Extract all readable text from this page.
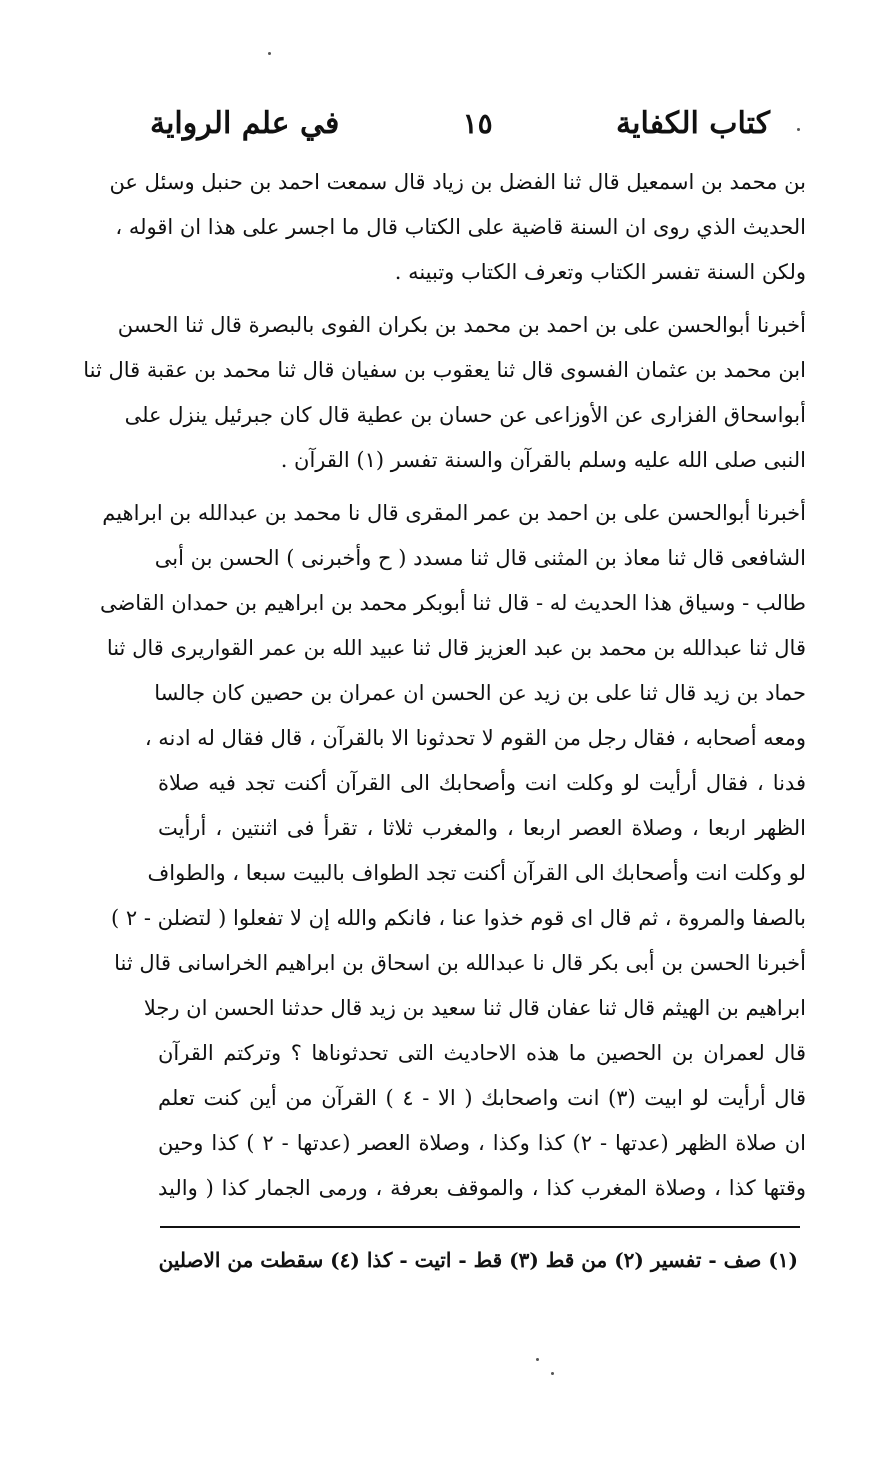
كتاب الكفاية
١٥
في علم الرواية
بن محمد بن اسمعيل قال ثنا الفضل بن زياد قال سمعت احمد بن حنبل وسئل عن
الحديث الذي روى ان السنة قاضية على الكتاب قال ما اجسر على هذا ان اقوله ،
ولكن السنة تفسر الكتاب وتعرف الكتاب وتبينه .
أخبرنا أبوالحسن على بن احمد بن محمد بن بكران الفوى بالبصرة قال ثنا الحسن
ابن محمد بن عثمان الفسوى قال ثنا يعقوب بن سفيان قال ثنا محمد بن عقبة قال ثنا
أبواسحاق الفزارى عن الأوزاعى عن حسان بن عطية قال كان جبرئيل ينزل على
النبى صلى الله عليه وسلم بالقرآن والسنة تفسر (١) القرآن .
أخبرنا أبوالحسن على بن احمد بن عمر المقرى قال نا محمد بن عبدالله بن ابراهيم
الشافعى قال ثنا معاذ بن المثنى قال ثنا مسدد ( ح وأخبرنى ) الحسن بن أبى
طالب - وسياق هذا الحديث له - قال ثنا أبوبكر محمد بن ابراهيم بن حمدان القاضى
قال ثنا عبدالله بن محمد بن عبد العزيز قال ثنا عبيد الله بن عمر القواريرى قال ثنا
حماد بن زيد قال ثنا على بن زيد عن الحسن ان عمران بن حصين كان جالسا
ومعه أصحابه ، فقال رجل من القوم لا تحدثونا الا بالقرآن ، قال فقال له ادنه ،
فدنا ، فقال أرأيت لو وكلت انت وأصحابك الى القرآن أكنت تجد فيه صلاة
الظهر اربعا ، وصلاة العصر اربعا ، والمغرب ثلاثا ، تقرأ فى اثنتين ، أرأيت
لو وكلت انت وأصحابك الى القرآن أكنت تجد الطواف بالبيت سبعا ، والطواف
بالصفا والمروة ، ثم قال اى قوم خذوا عنا ، فانكم والله إن لا تفعلوا ( لتضلن - ٢ )
أخبرنا الحسن بن أبى بكر قال نا عبدالله بن اسحاق بن ابراهيم الخراسانى قال ثنا
ابراهيم بن الهيثم قال ثنا عفان قال ثنا سعيد بن زيد قال حدثنا الحسن ان رجلا
قال لعمران بن الحصين ما هذه الاحاديث التى تحدثوناها ؟ وتركتم القرآن
قال أرأيت لو ابيت (٣) انت واصحابك ( الا - ٤ ) القرآن من أين كنت تعلم
ان صلاة الظهر (عدتها - ٢) كذا وكذا ، وصلاة العصر (عدتها - ٢ ) كذا وحين
وقتها كذا ، وصلاة المغرب كذا ، والموقف بعرفة ، ورمى الجمار كذا ( واليد
(١) صف - تفسير (٢) من قط (٣) قط - اتيت - كذا (٤) سقطت من الاصلين
